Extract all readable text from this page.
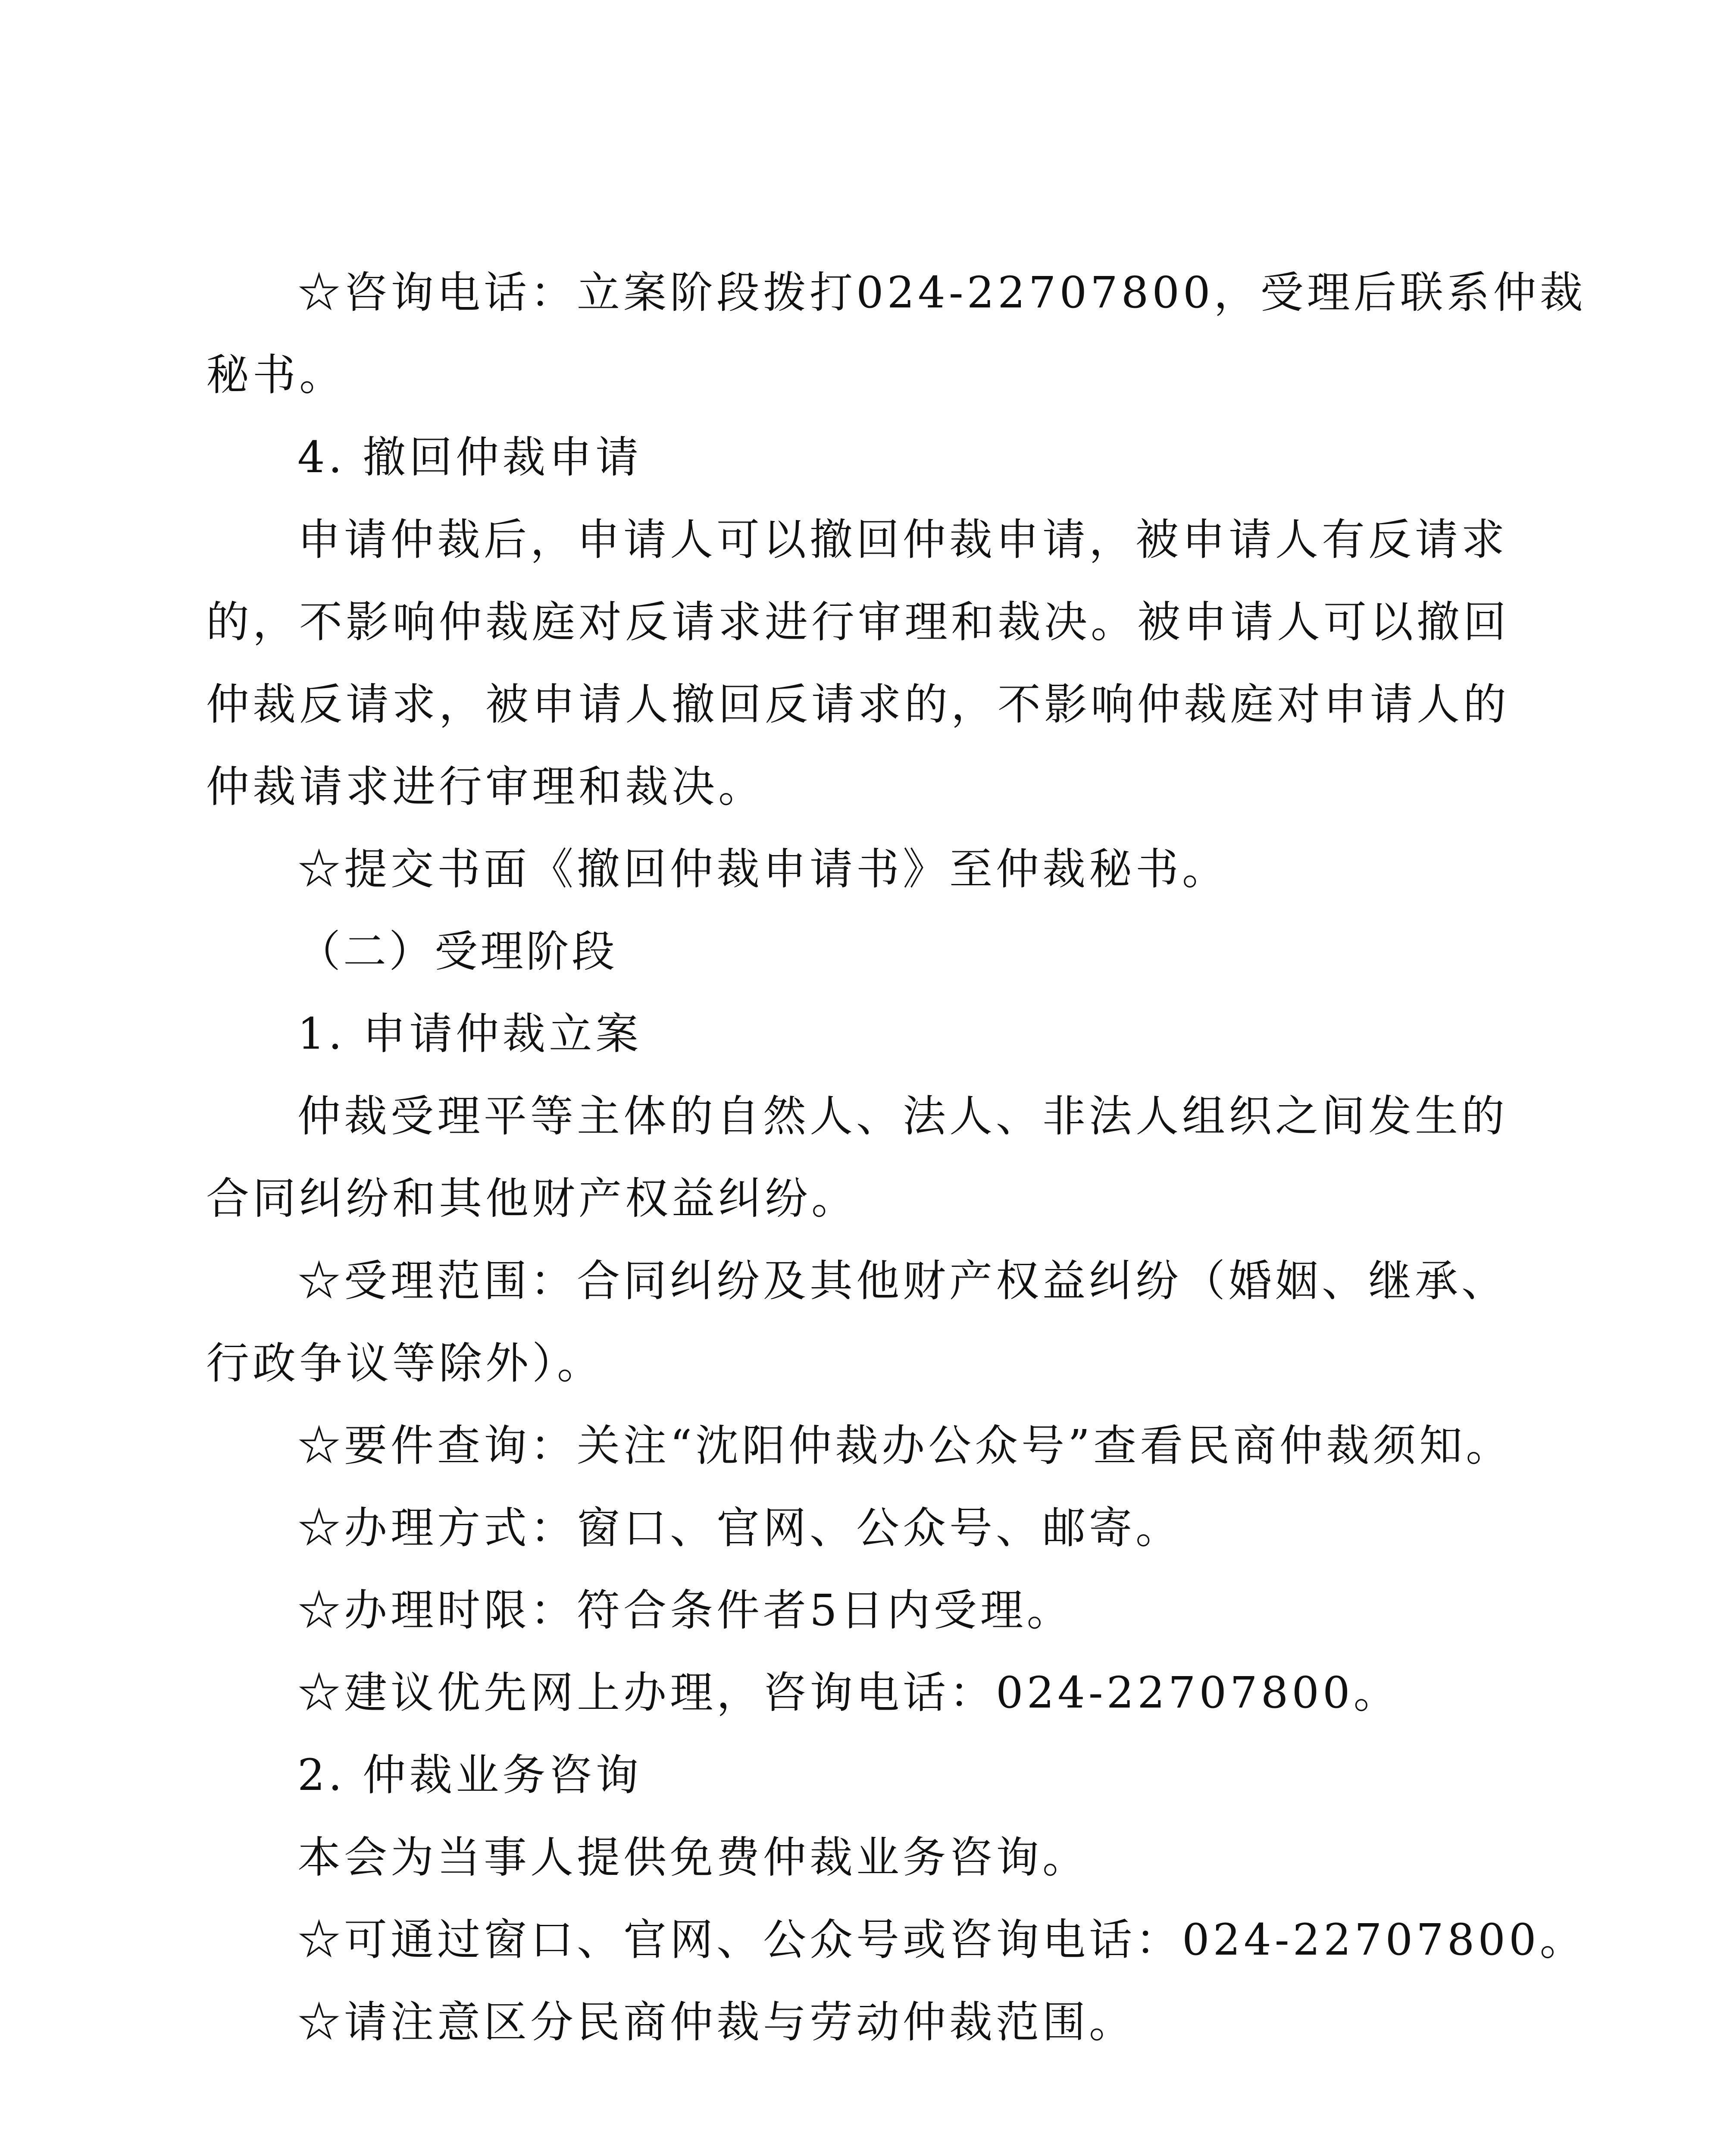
☆咨询电话：立案阶段拨打024-22707800，受理后联系仲裁
秘书。
4. 撤回仲裁申请
申请仲裁后，申请人可以撤回仲裁申请，被申请人有反请求
的，不影响仲裁庭对反请求进行审理和裁决。被申请人可以撤回
仲裁反请求，被申请人撤回反请求的，不影响仲裁庭对申请人的
仲裁请求进行审理和裁决。
☆提交书面《撤回仲裁申请书》至仲裁秘书。
（二）受理阶段
1. 申请仲裁立案
仲裁受理平等主体的自然人、法人、非法人组织之间发生的
合同纠纷和其他财产权益纠纷。
☆受理范围：合同纠纷及其他财产权益纠纷（婚姻、继承、
行政争议等除外）。
☆要件查询：关注“沈阳仲裁办公众号”查看民商仲裁须知。
☆办理方式：窗口、官网、公众号、邮寄。
☆办理时限：符合条件者5日内受理。
☆建议优先网上办理，咨询电话：024-22707800。
2. 仲裁业务咨询
本会为当事人提供免费仲裁业务咨询。
☆可通过窗口、官网、公众号或咨询电话：024-22707800。
☆请注意区分民商仲裁与劳动仲裁范围。
